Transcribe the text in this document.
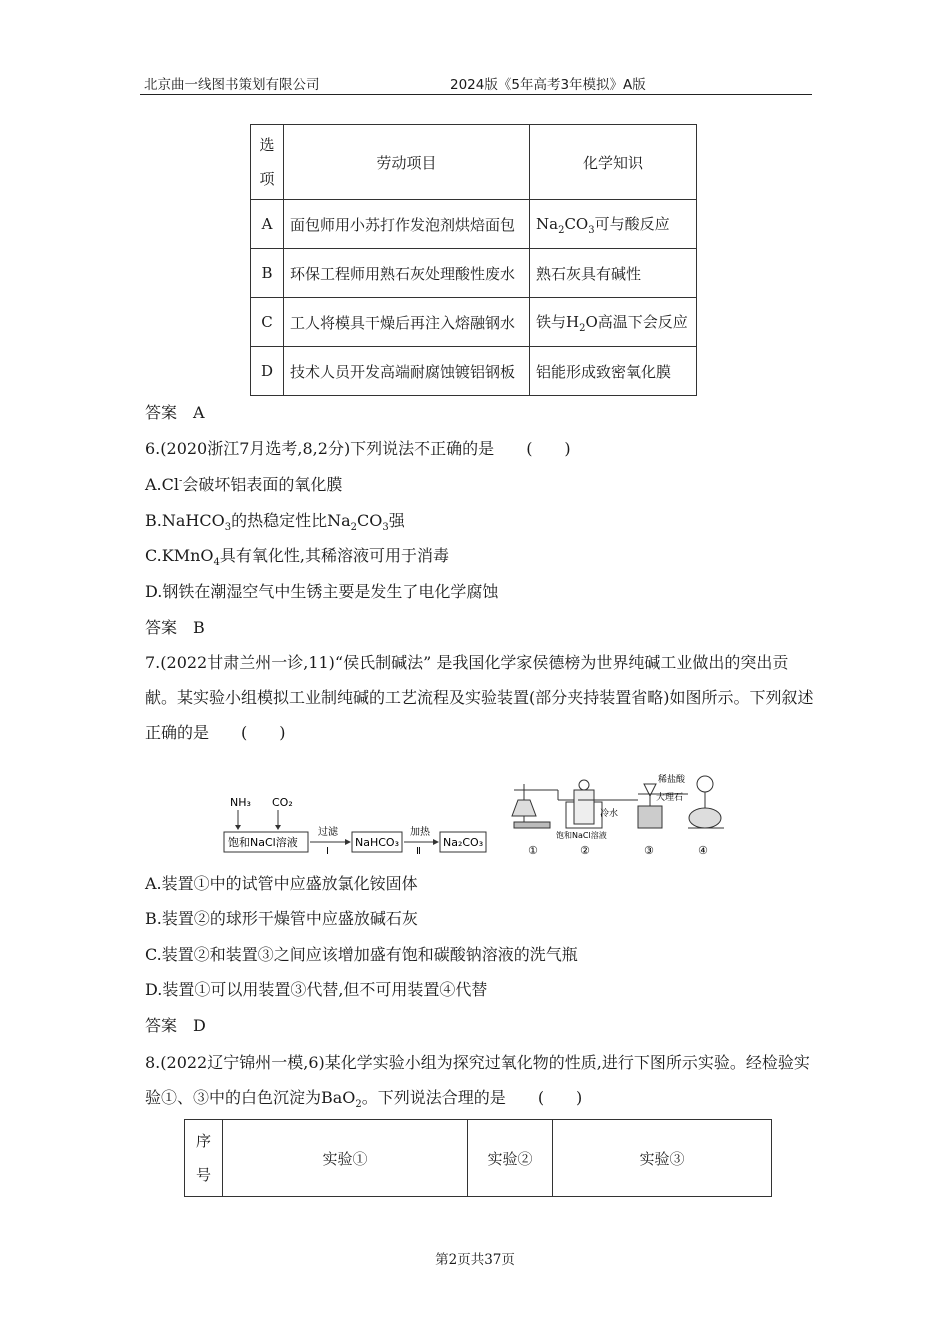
北京曲一线图书策划有限公司	2024版《5年高考3年模拟》A版
选
项	劳动项目	化学知识
A	面包师用小苏打作发泡剂烘焙面包	$Na_2CO_3$可与酸反应
B	环保工程师用熟石灰处理酸性废水	熟石灰具有碱性
C	工人将模具干燥后再注入熔融钢水	铁与$H_2O$高温下会反应
D	技术人员开发高端耐腐蚀镀铝钢板	铝能形成致密氧化膜
答案  A
6.(2020浙江7月选考,8,2分)下列说法不正确的是   (　　)
A.Cl-会破坏铝表面的氧化膜
B.NaHCO$_3$的热稳定性比$Na_2CO_3$强
C.KMnO$_4$具有氧化性,其稀溶液可用于消毒
D.钢铁在潮湿空气中生锈主要是发生了电化学腐蚀
答案  B
7.(2022甘肃兰州一诊,11)“侯氏制碱法” 是我国化学家侯德榜为世界纯碱工业做出的突出贡献。某实验小组模拟工业制纯碱的工艺流程及实验装置(部分夹持装置省略)如图所示。下列叙述正确的是   (　　)
NH₃ CO₂
饱和NaCl溶液
过滤
Ⅰ
NaHCO₃
加热
Ⅱ
Na₂CO₃
冷水
饱和NaCl溶液
稀盐酸
大理石
①	②	③	④
A.装置①中的试管中应盛放氯化铵固体
B.装置②的球形干燥管中应盛放碱石灰
C.装置②和装置③之间应该增加盛有饱和碳酸钠溶液的洗气瓶
D.装置①可以用装置③代替,但不可用装置④代替
答案  D
8.(2022辽宁锦州一模,6)某化学实验小组为探究过氧化物的性质,进行下图所示实验。经检验实验①、③中的白色沉淀为BaO$_2$。下列说法合理的是   (　　)
序
号	实验①	实验②	实验③
第2页共37页
